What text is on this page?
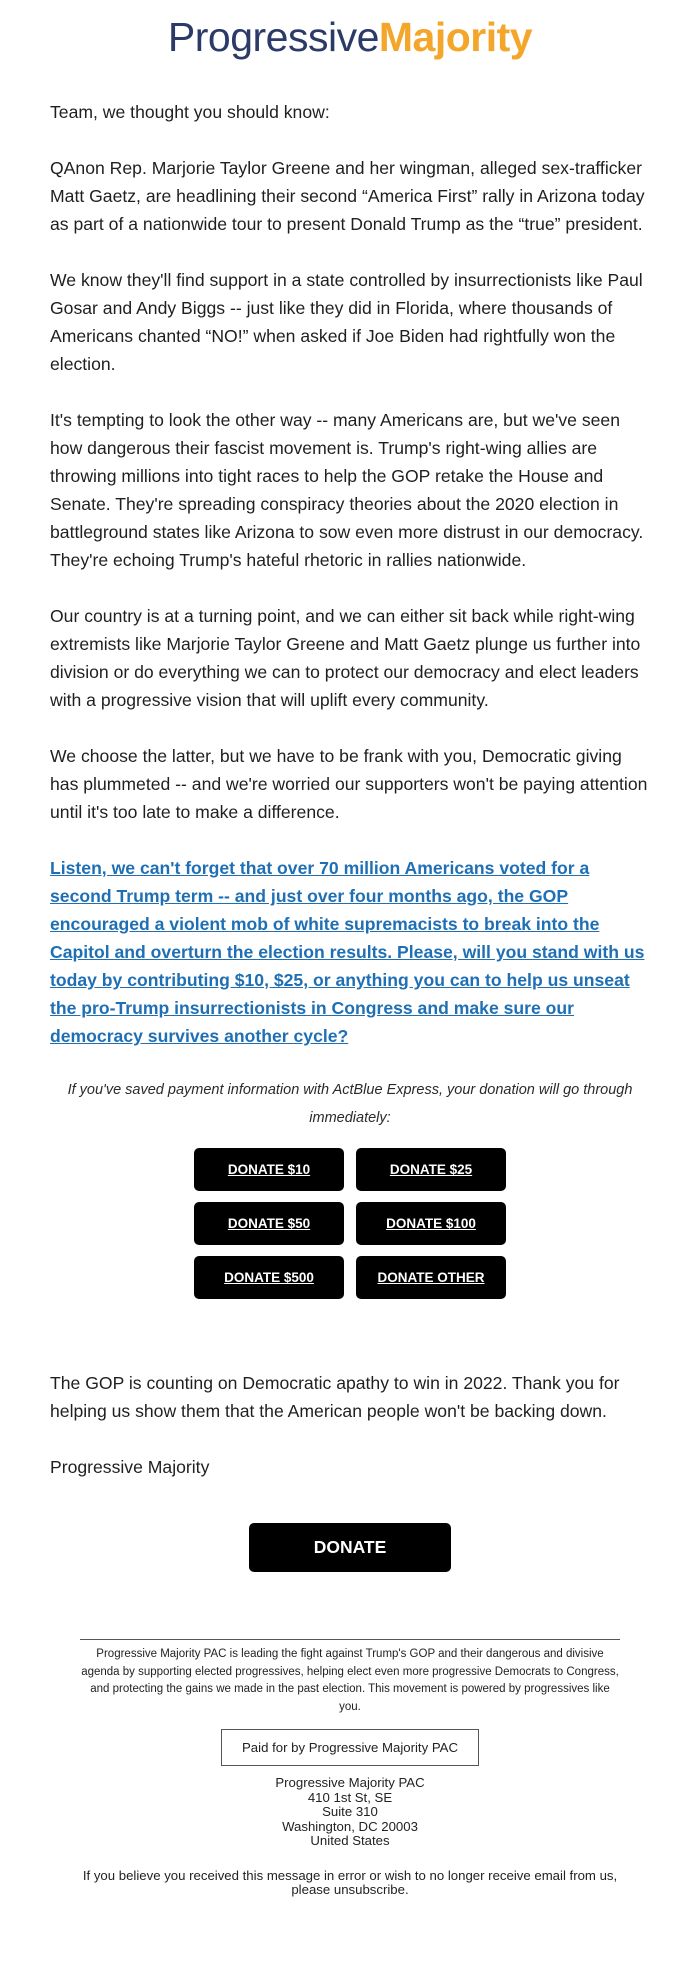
ProgressiveMajority

Team, we thought you should know:

QAnon Rep. Marjorie Taylor Greene and her wingman, alleged sex-trafficker Matt Gaetz, are headlining their second “America First” rally in Arizona today as part of a nationwide tour to present Donald Trump as the “true” president.

We know they'll find support in a state controlled by insurrectionists like Paul Gosar and Andy Biggs -- just like they did in Florida, where thousands of Americans chanted “NO!” when asked if Joe Biden had rightfully won the election.

It's tempting to look the other way -- many Americans are, but we've seen how dangerous their fascist movement is. Trump's right-wing allies are throwing millions into tight races to help the GOP retake the House and Senate. They're spreading conspiracy theories about the 2020 election in battleground states like Arizona to sow even more distrust in our democracy. They're echoing Trump's hateful rhetoric in rallies nationwide.

Our country is at a turning point, and we can either sit back while right-wing extremists like Marjorie Taylor Greene and Matt Gaetz plunge us further into division or do everything we can to protect our democracy and elect leaders with a progressive vision that will uplift every community.

We choose the latter, but we have to be frank with you, Democratic giving has plummeted -- and we're worried our supporters won't be paying attention until it's too late to make a difference.

Listen, we can't forget that over 70 million Americans voted for a second Trump term -- and just over four months ago, the GOP encouraged a violent mob of white supremacists to break into the Capitol and overturn the election results. Please, will you stand with us today by contributing $10, $25, or anything you can to help us unseat the pro-Trump insurrectionists in Congress and make sure our democracy survives another cycle?

If you've saved payment information with ActBlue Express, your donation will go through immediately:

DONATE $10	DONATE $25
DONATE $50	DONATE $100
DONATE $500	DONATE OTHER

The GOP is counting on Democratic apathy to win in 2022. Thank you for helping us show them that the American people won't be backing down.

Progressive Majority

DONATE
Progressive Majority PAC is leading the fight against Trump's GOP and their dangerous and divisive agenda by supporting elected progressives, helping elect even more progressive Democrats to Congress, and protecting the gains we made in the past election. This movement is powered by progressives like you.
Paid for by Progressive Majority PAC
Progressive Majority PAC
410 1st St, SE
Suite 310
Washington, DC 20003
United States
If you believe you received this message in error or wish to no longer receive email from us, please unsubscribe.
